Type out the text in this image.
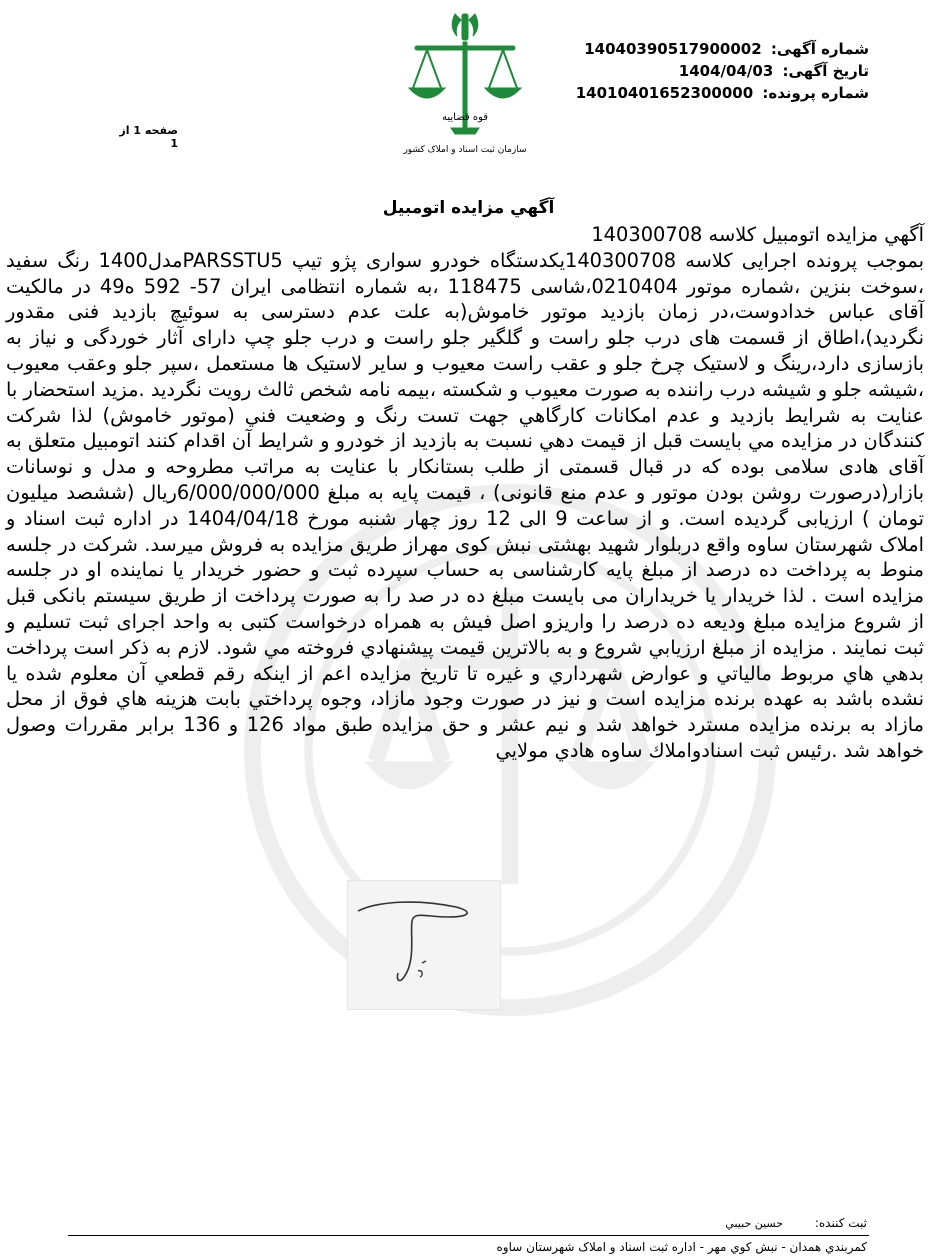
شماره آگهی: 14040390517900002
تاریخ آگهی: 1404/04/03
شماره پرونده: 14010401652300000
صفحه 1 از 1
قوه قضاییه
سازمان ثبت اسناد و املاک کشور
آگهي مزايده اتومبيل

آگهي مزايده اتومبيل کلاسه 140300708

بموجب پرونده اجرایی کلاسه 140300708یکدستگاه خودرو سواری پژو تیپ PARSSTU5مدل1400 رنگ سفید ،سوخت بنزین ،شماره موتور 0210404،شاسی 118475 ،به شماره انتظامی ایران 57- 592 ه49 در مالکیت آقای عباس خدادوست،در زمان بازدید موتور خاموش(به علت عدم دسترسی به سوئیچ بازدید فنی مقدور نگردید)،اطاق از قسمت های درب جلو راست و گلگیر جلو راست و درب جلو چپ دارای آثار خوردگی و نیاز به بازسازی دارد،رینگ و لاستیک چرخ جلو و عقب راست معیوب و سایر لاستیک ها مستعمل ،سپر جلو وعقب معیوب ،شیشه جلو و شیشه درب راننده به صورت معیوب و شکسته ،بیمه نامه شخص ثالث رویت نگردید .مزید استحضار با عنایت به شرایط بازدید و عدم امکانات کارگاهي جهت تست رنگ و وضعیت فني (موتور خاموش) لذا شرکت کنندگان در مزايده مي بايست قبل از قيمت دهي نسبت به بازديد از خودرو و شرايط آن اقدام کنند اتومبیل متعلق به آقای هادی سلامی بوده که در قبال قسمتی از طلب بستانکار با عنایت به مراتب مطروحه و مدل و نوسانات بازار(درصورت روشن بودن موتور و عدم منع قانونی) ، قیمت پایه به مبلغ 6/000/000/000ریال (ششصد میلیون تومان ) ارزیابی گردیده است. و از ساعت 9 الی 12 روز چهار شنبه مورخ 1404/04/18 در اداره ثبت اسناد و املاک شهرستان ساوه واقع دربلوار شهید بهشتی نبش کوی مهراز طریق مزایده به فروش میرسد. شرکت در جلسه منوط به پرداخت ده درصد از مبلغ پایه کارشناسی به حساب سپرده ثبت و حضور خریدار یا نماینده او در جلسه مزایده است . لذا خریدار یا خریداران می بایست مبلغ ده در صد را به صورت پرداخت از طریق سیستم بانکی قبل از شروع مزایده مبلغ ودیعه ده درصد را واریزو اصل فیش به همراه درخواست کتبی به واحد اجرای ثبت تسلیم و ثبت نمایند . مزايده از مبلغ ارزيابي شروع و به بالاترين قيمت پيشنهادي فروخته مي شود. لازم به ذكر است پرداخت بدهي هاي مربوط مالياتي و عوارض شهرداري و غيره تا تاريخ مزايده اعم از اينكه رقم قطعي آن معلوم شده يا نشده باشد به عهده برنده مزايده است و نيز در صورت وجود مازاد، وجوه پرداختي بابت هزينه هاي فوق از محل مازاد به برنده مزايده مسترد خواهد شد و نيم عشر و حق مزايده طبق مواد 126 و 136 برابر مقررات وصول خواهد شد .رئيس ثبت اسنادواملاك ساوه هادي مولايي

ثبت کننده: حسين حبيبي
کمربندي همدان - نبش کوي مهر - اداره ثبت اسناد و املاک شهرستان ساوه
